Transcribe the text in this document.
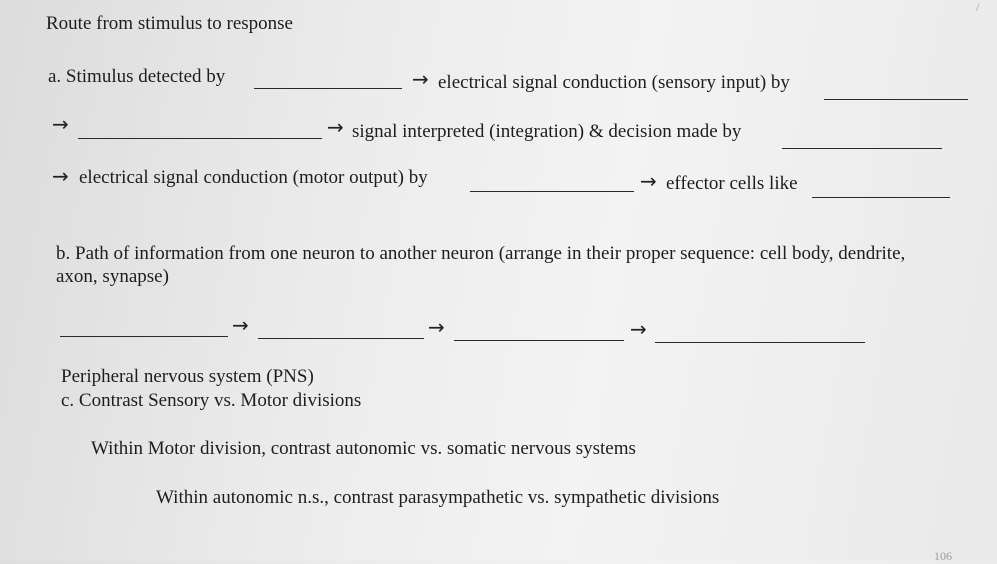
Route from stimulus to response
a. Stimulus detected by	→ electrical signal conduction (sensory input) by
→	→ signal interpreted (integration) & decision made by
→ electrical signal conduction (motor output) by	→ effector cells like
b. Path of information from one neuron to another neuron (arrange in their proper sequence: cell body, dendrite,
axon, synapse)
→	→	→
Peripheral nervous system (PNS)
c. Contrast Sensory vs. Motor divisions
Within Motor division, contrast autonomic vs. somatic nervous systems
Within autonomic n.s., contrast parasympathetic vs. sympathetic divisions
/
106
